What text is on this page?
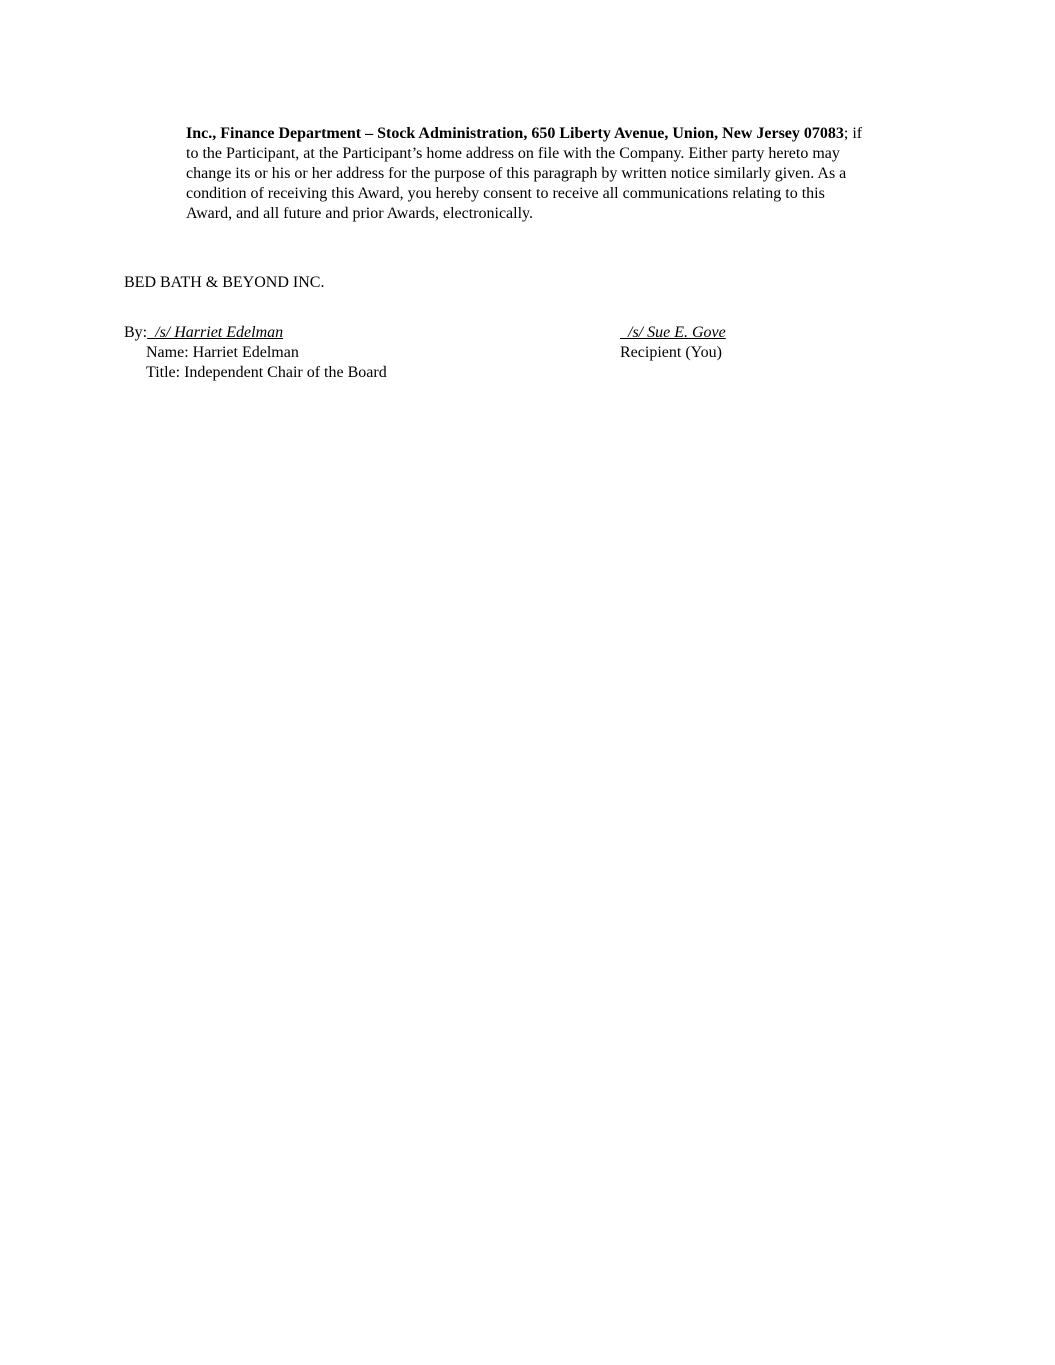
Inc., Finance Department – Stock Administration, 650 Liberty Avenue, Union, New Jersey 07083; if
to the Participant, at the Participant’s home address on file with the Company. Either party hereto may
change its or his or her address for the purpose of this paragraph by written notice similarly given. As a
condition of receiving this Award, you hereby consent to receive all communications relating to this
Award, and all future and prior Awards, electronically.
BED BATH & BEYOND INC.
By: /s/ Harriet Edelman
Name: Harriet Edelman
Title: Independent Chair of the Board
/s/ Sue E. Gove
Recipient (You)
